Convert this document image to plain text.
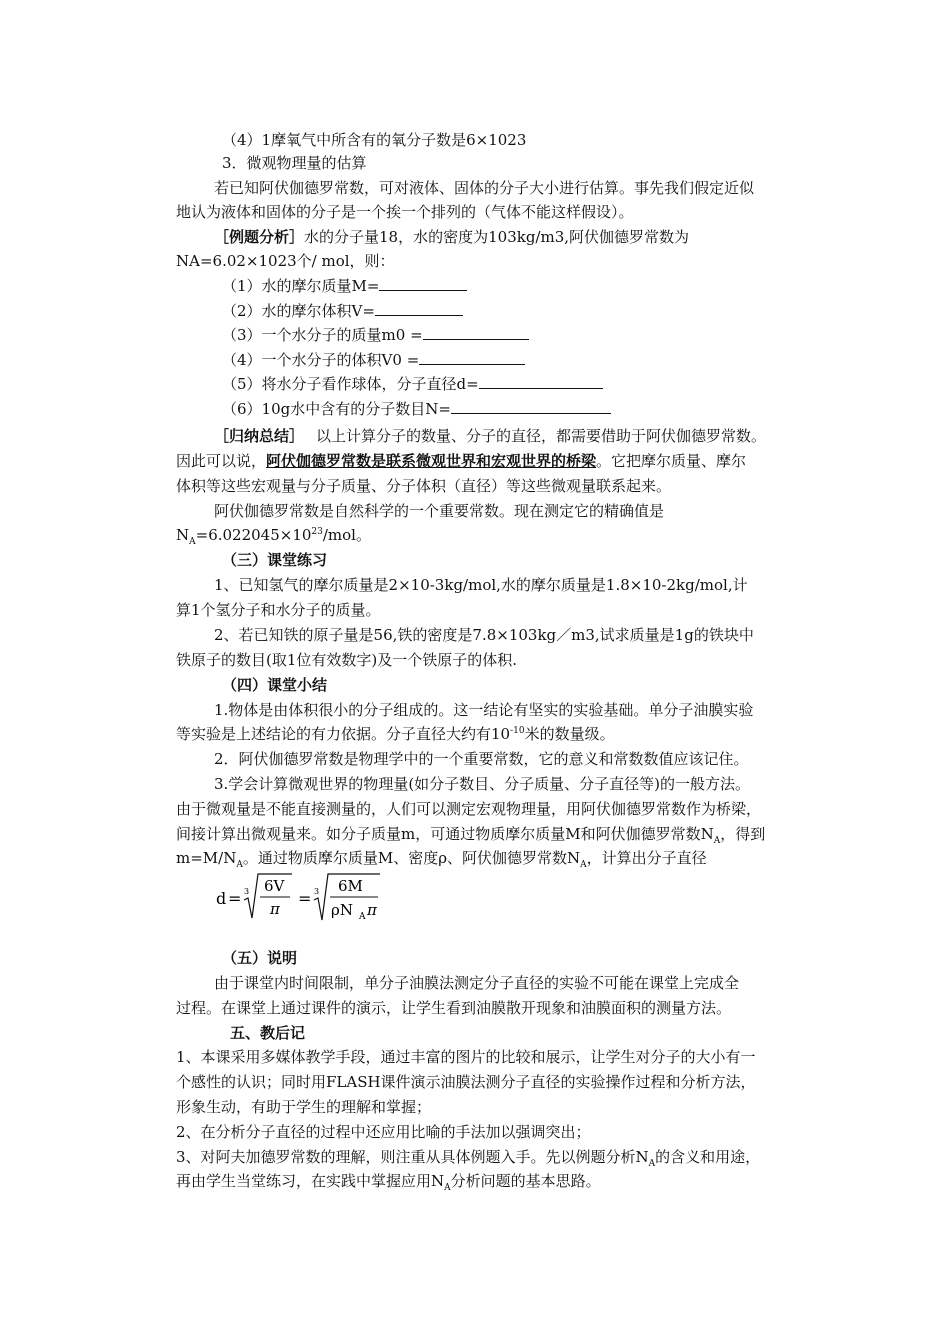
（4）1摩氧气中所含有的氧分子数是6×1023
3．微观物理量的估算
若已知阿伏伽德罗常数，可对液体、固体的分子大小进行估算。事先我们假定近似
地认为液体和固体的分子是一个挨一个排列的（气体不能这样假设）。
［例题分析］水的分子量18，水的密度为103kg/m3,阿伏伽德罗常数为
NA=6.02×1023个/ mol，则：
（1）水的摩尔质量M=
（2）水的摩尔体积V=
（3）一个水分子的质量m0 =
（4）一个水分子的体积V0 =
（5）将水分子看作球体，分子直径d=
（6）10g水中含有的分子数目N=
［归纳总结］ 以上计算分子的数量、分子的直径，都需要借助于阿伏伽德罗常数。
因此可以说，阿伏伽德罗常数是联系微观世界和宏观世界的桥梁。它把摩尔质量、摩尔
体积等这些宏观量与分子质量、分子体积（直径）等这些微观量联系起来。
阿伏伽德罗常数是自然科学的一个重要常数。现在测定它的精确值是
$N_A=6.022045\times 10^{23}$/mol。
（三）课堂练习
1、已知氢气的摩尔质量是2×10-3kg/mol,水的摩尔质量是1.8×10-2kg/mol,计
算1个氢分子和水分子的质量。
2、若已知铁的原子量是56,铁的密度是7.8×103kg／m3,试求质量是1g的铁块中
铁原子的数目(取1位有效数字)及一个铁原子的体积.
（四）课堂小结
1.物体是由体积很小的分子组成的。这一结论有坚实的实验基础。单分子油膜实验
等实验是上述结论的有力依据。分子直径大约有$10^{-10}$米的数量级。
2．阿伏伽德罗常数是物理学中的一个重要常数，它的意义和常数数值应该记住。
3.学会计算微观世界的物理量(如分子数目、分子质量、分子直径等)的一般方法。
由于微观量是不能直接测量的，人们可以测定宏观物理量，用阿伏伽德罗常数作为桥梁，
间接计算出微观量来。如分子质量m，可通过物质摩尔质量M和阿伏伽德罗常数$N_A$，得到
$m=M/N_A$。通过物质摩尔质量M、密度ρ、阿伏伽德罗常数$N_A$，计算出分子直径
d = 3 6V
π
= 3 6M
ρN A π
（五）说明
由于课堂内时间限制，单分子油膜法测定分子直径的实验不可能在课堂上完成全
过程。在课堂上通过课件的演示，让学生看到油膜散开现象和油膜面积的测量方法。
五、教后记
1、本课采用多媒体教学手段，通过丰富的图片的比较和展示，让学生对分子的大小有一
个感性的认识；同时用FLASH课件演示油膜法测分子直径的实验操作过程和分析方法，
形象生动，有助于学生的理解和掌握；
2、在分析分子直径的过程中还应用比喻的手法加以强调突出；
3、对阿夫加德罗常数的理解，则注重从具体例题入手。先以例题分析$N_A$的含义和用途，
再由学生当堂练习，在实践中掌握应用$N_A$分析问题的基本思路。
